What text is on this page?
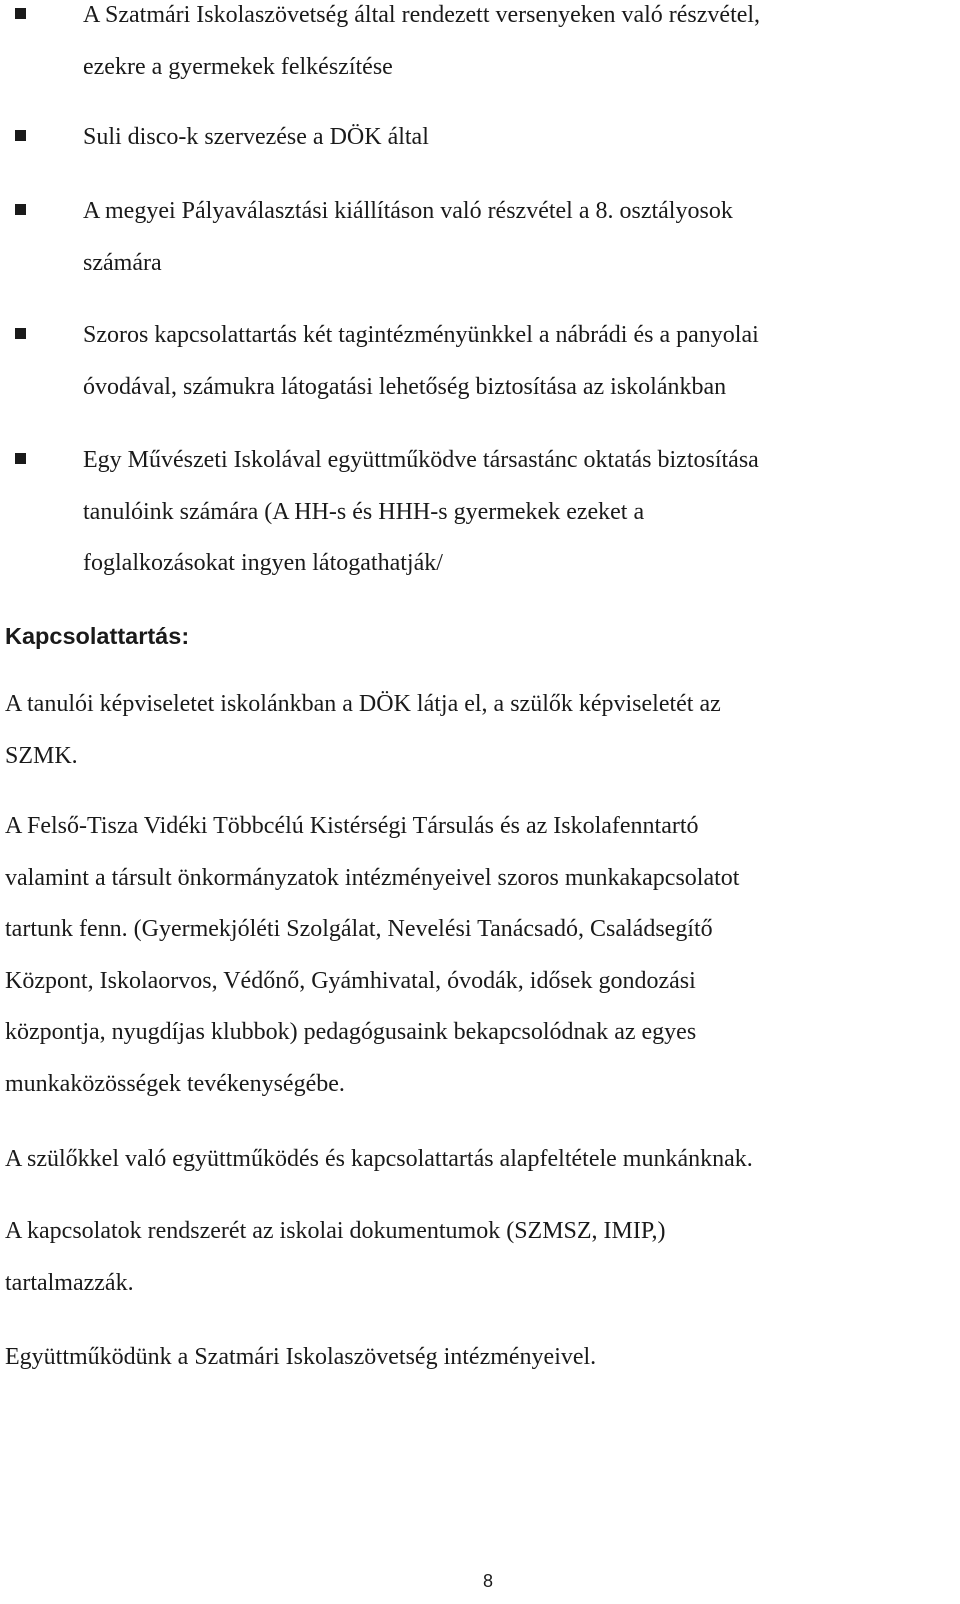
A Szatmári Iskolaszövetség által rendezett versenyeken való részvétel,
ezekre a gyermekek felkészítése
Suli disco-k szervezése a DÖK által
A megyei Pályaválasztási kiállításon való részvétel a 8. osztályosok
számára
Szoros kapcsolattartás két tagintézményünkkel a nábrádi és a panyolai
óvodával, számukra látogatási lehetőség biztosítása az iskolánkban
Egy Művészeti Iskolával együttműködve társastánc oktatás biztosítása
tanulóink számára (A HH-s és HHH-s gyermekek ezeket a
foglalkozásokat ingyen látogathatják/
Kapcsolattartás:

A tanulói képviseletet iskolánkban a DÖK látja el, a szülők képviseletét az
SZMK.

A Felső-Tisza Vidéki Többcélú Kistérségi Társulás és az Iskolafenntartó
valamint a társult önkormányzatok intézményeivel szoros munkakapcsolatot
tartunk fenn. (Gyermekjóléti Szolgálat, Nevelési Tanácsadó, Családsegítő
Központ, Iskolaorvos, Védőnő, Gyámhivatal, óvodák, idősek gondozási
központja, nyugdíjas klubbok) pedagógusaink bekapcsolódnak az egyes
munkaközösségek tevékenységébe.

A szülőkkel való együttműködés és kapcsolattartás alapfeltétele munkánknak.

A kapcsolatok rendszerét az iskolai dokumentumok (SZMSZ, IMIP,)
tartalmazzák.

Együttműködünk a Szatmári Iskolaszövetség intézményeivel.

8
